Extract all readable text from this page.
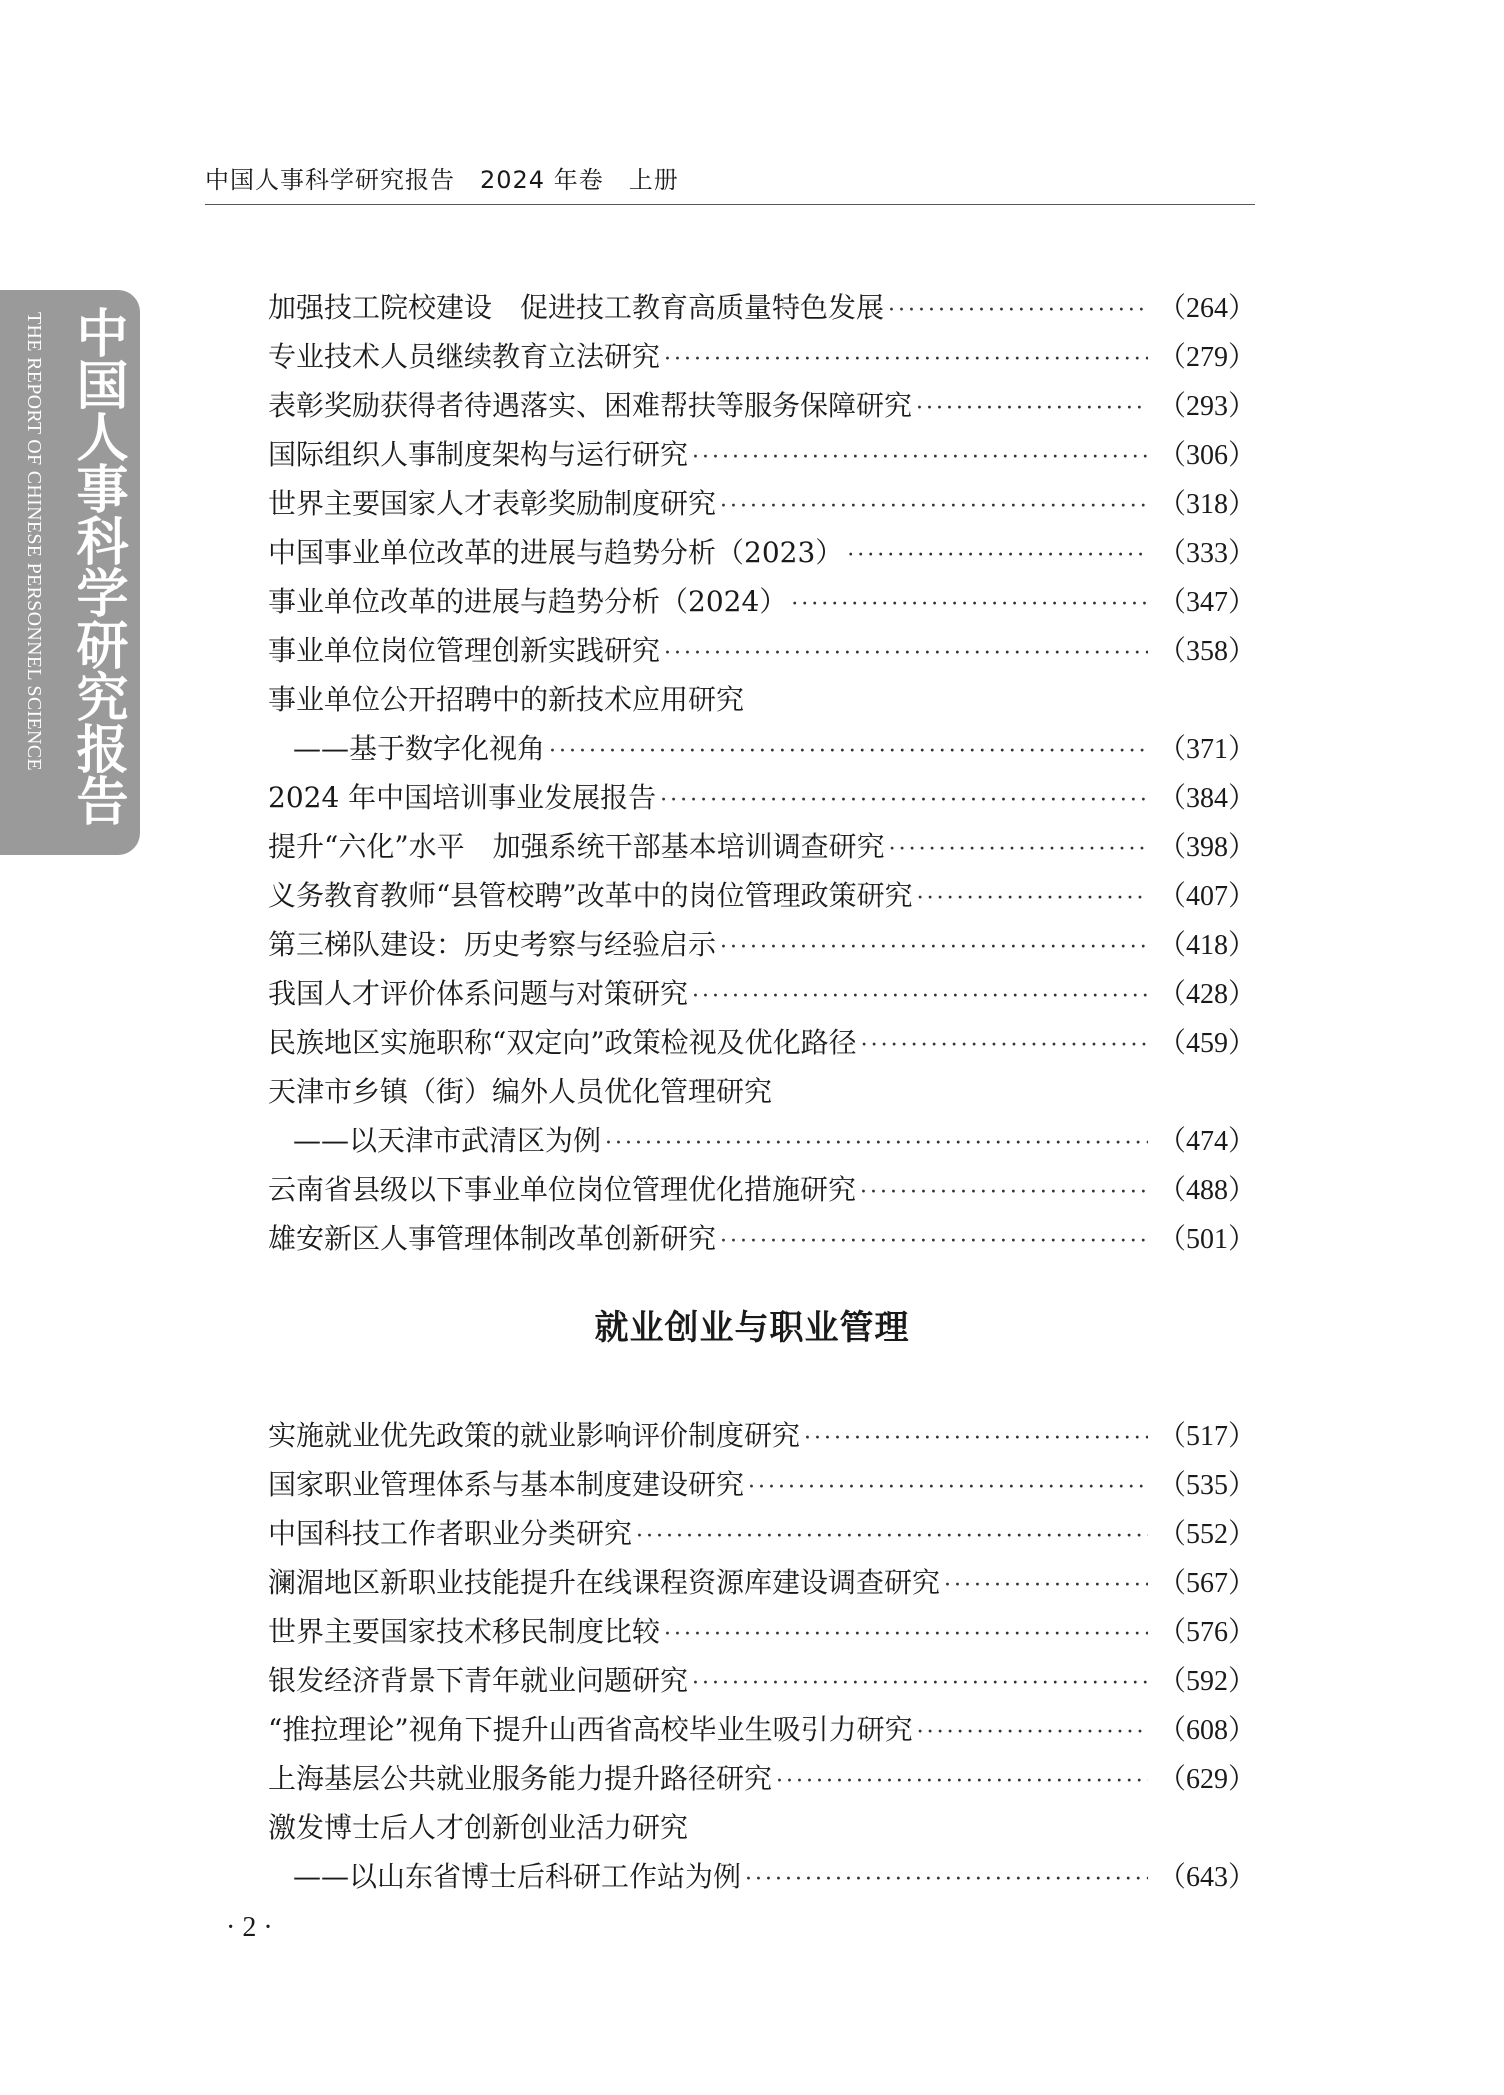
中国人事科学研究报告　2024 年卷　上册
THE REPORT OF CHINESE PERSONNEL SCIENCE 中国人事科学研究报告	加强技工院校建设　促进技工教育高质量特色发展 ·····	（264）
专业技术人员继续教育立法研究 ·····	（279）
表彰奖励获得者待遇落实、困难帮扶等服务保障研究 ·····	（293）
国际组织人事制度架构与运行研究 ·····	（306）
世界主要国家人才表彰奖励制度研究 ·····	（318）
中国事业单位改革的进展与趋势分析（2023） ·····	（333）
事业单位改革的进展与趋势分析（2024） ·····	（347）
事业单位岗位管理创新实践研究 ·····	（358）
事业单位公开招聘中的新技术应用研究
——基于数字化视角 ·····	（371）
2024 年中国培训事业发展报告 ·····	（384）
提升“六化”水平　加强系统干部基本培训调查研究 ·····	（398）
义务教育教师“县管校聘”改革中的岗位管理政策研究 ·····	（407）
第三梯队建设：历史考察与经验启示 ·····	（418）
我国人才评价体系问题与对策研究 ·····	（428）
民族地区实施职称“双定向”政策检视及优化路径 ·····	（459）
天津市乡镇（街）编外人员优化管理研究
——以天津市武清区为例 ·····	（474）
云南省县级以下事业单位岗位管理优化措施研究 ·····	（488）
雄安新区人事管理体制改革创新研究 ·····	（501）
就业创业与职业管理
实施就业优先政策的就业影响评价制度研究 ·····	（517）
国家职业管理体系与基本制度建设研究 ·····	（535）
中国科技工作者职业分类研究 ·····	（552）
澜湄地区新职业技能提升在线课程资源库建设调查研究 ·····	（567）
世界主要国家技术移民制度比较 ·····	（576）
银发经济背景下青年就业问题研究 ·····	（592）
“推拉理论”视角下提升山西省高校毕业生吸引力研究 ·····	（608）
上海基层公共就业服务能力提升路径研究 ·····	（629）
激发博士后人才创新创业活力研究
——以山东省博士后科研工作站为例 ·····	（643）
· 2 ·
